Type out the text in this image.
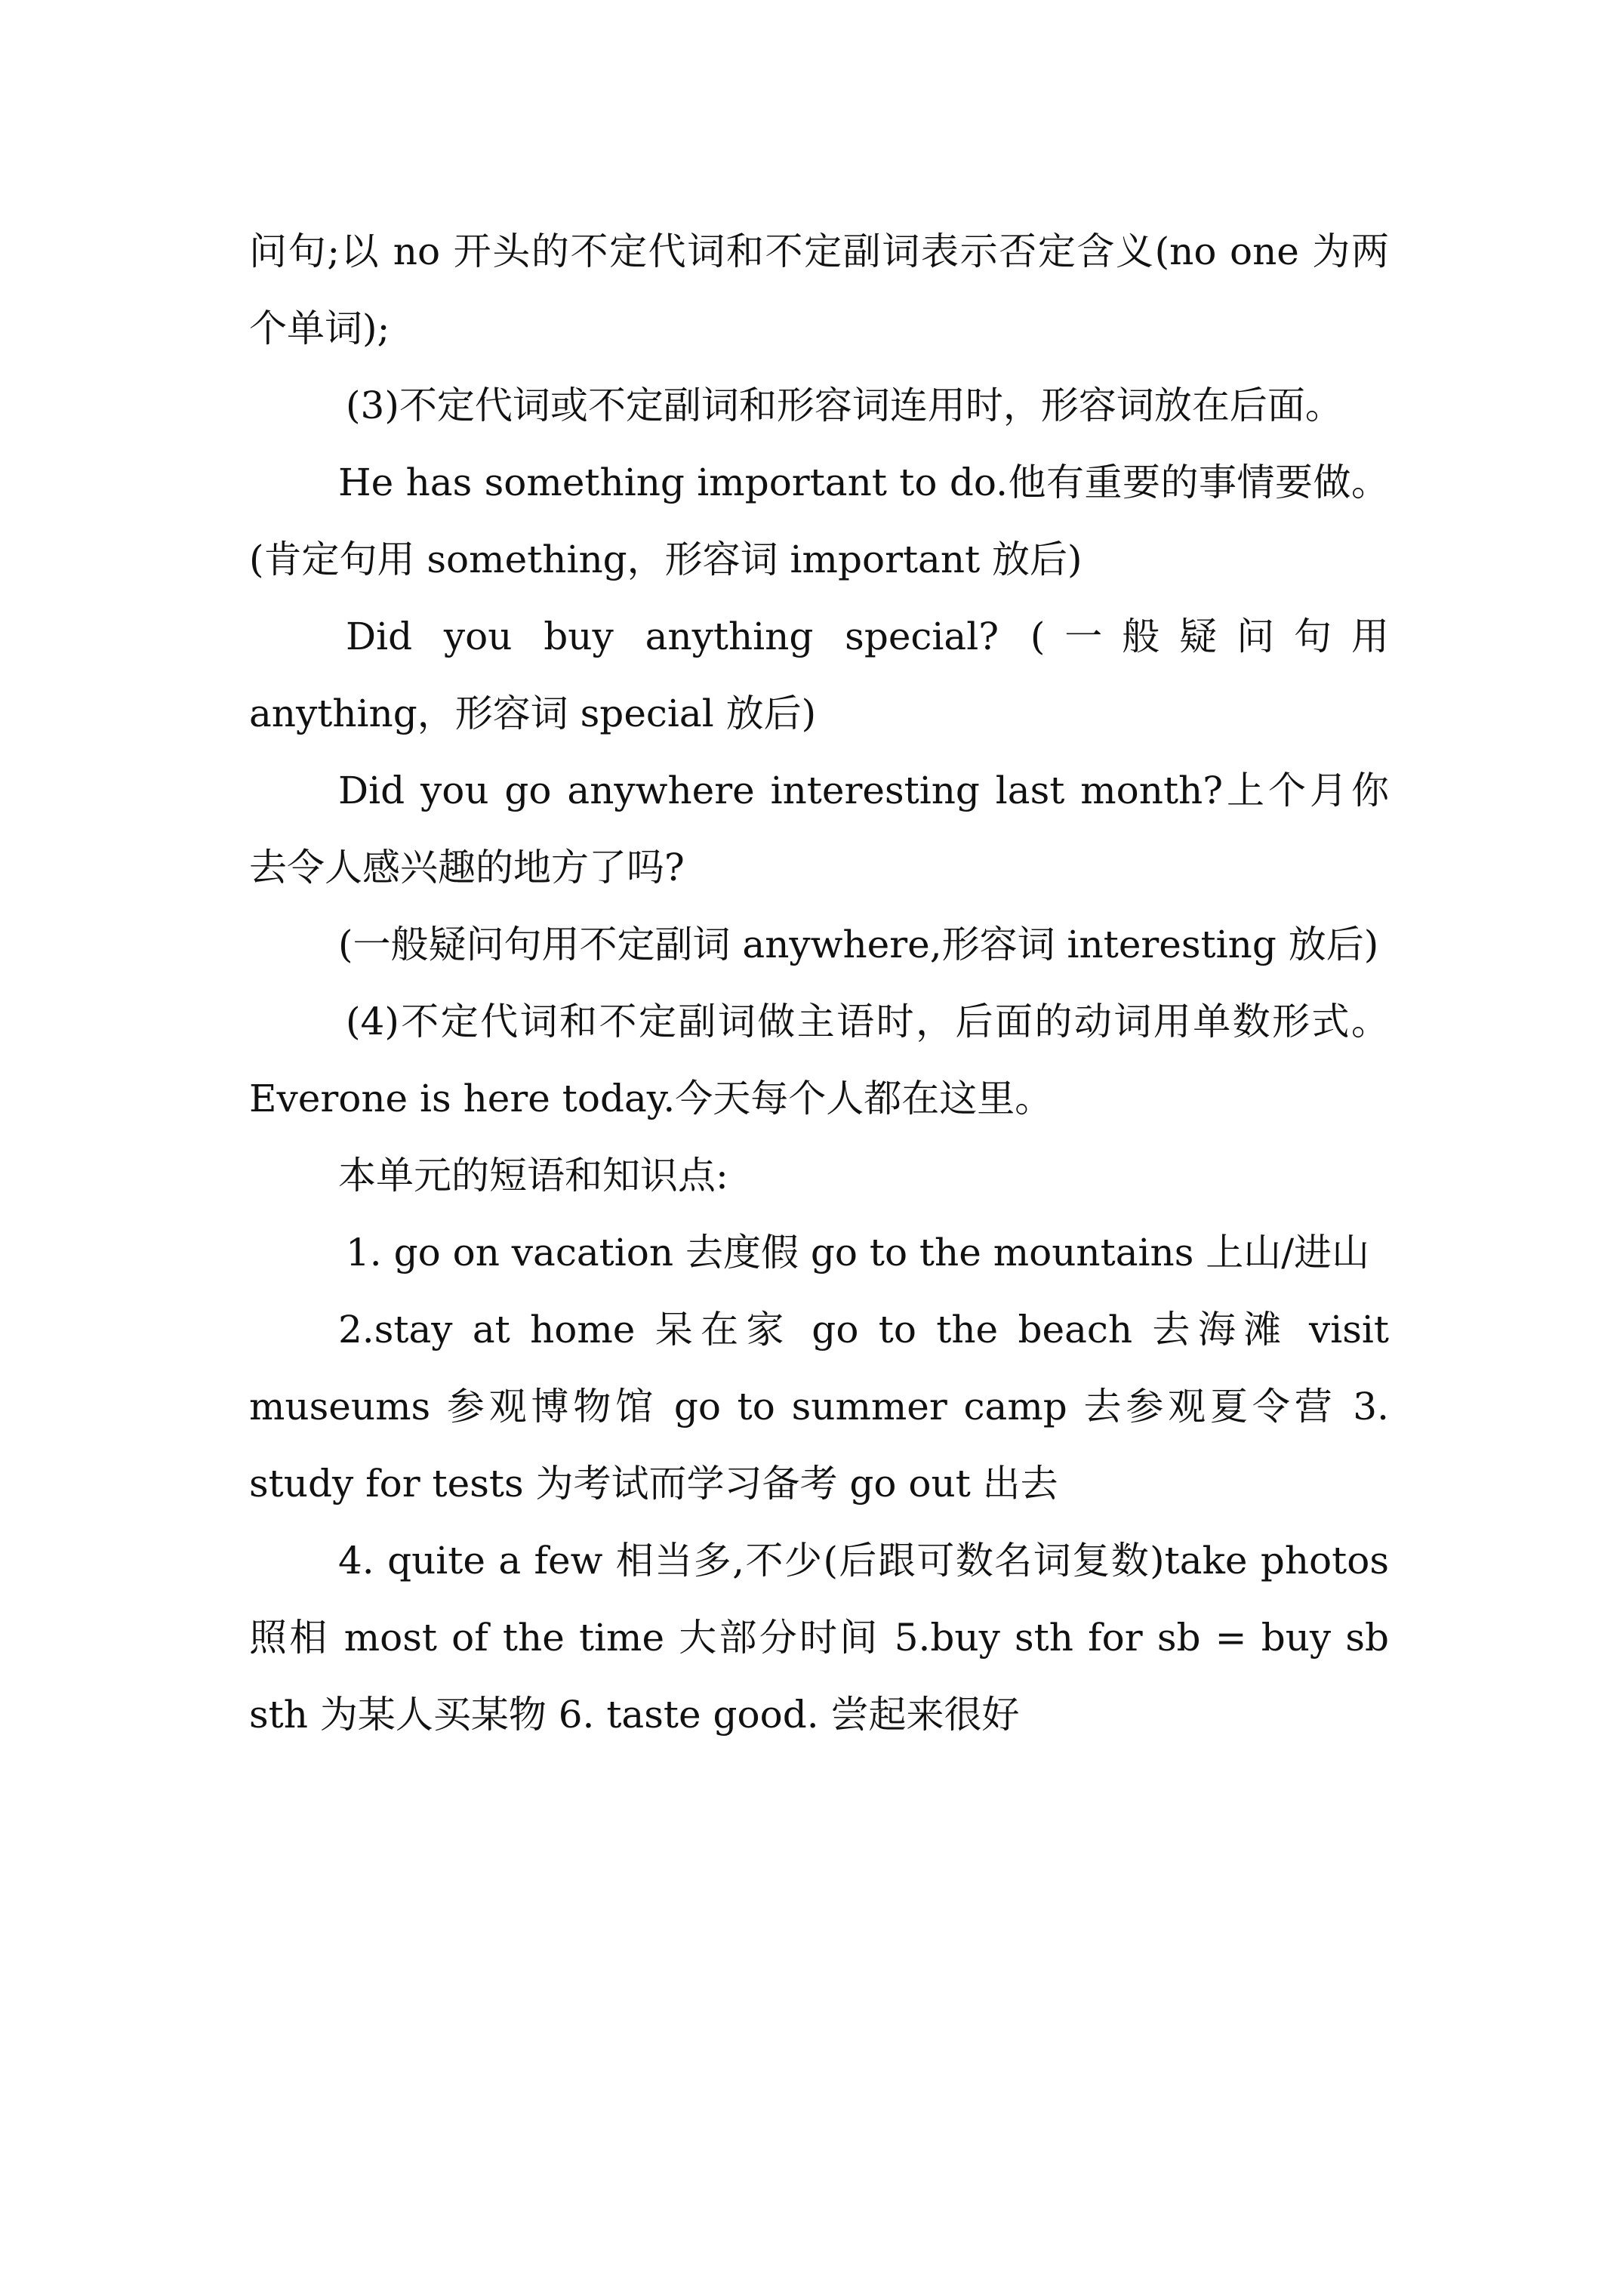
问句;以 no 开头的不定代词和不定副词表示否定含义(no one 为两个单词);

(3)不定代词或不定副词和形容词连用时，形容词放在后面。

He has something important to do.他有重要的事情要做。(肯定句用 something，形容词 important 放后)

Did you buy anything special? (一般疑问句用 anything，形容词 special 放后)

Did you go anywhere interesting last month?上个月你去令人感兴趣的地方了吗?

(一般疑问句用不定副词 anywhere,形容词 interesting 放后)

(4)不定代词和不定副词做主语时，后面的动词用单数形式。Everone is here today.今天每个人都在这里。

本单元的短语和知识点:

1. go on vacation 去度假 go to the mountains 上山/进山

2.stay at home 呆在家 go to the beach 去海滩 visit museums 参观博物馆 go to summer camp 去参观夏令营 3. study for tests 为考试而学习备考 go out 出去

4. quite a few 相当多,不少(后跟可数名词复数)take photos 照相 most of the time 大部分时间 5.buy sth for sb = buy sb sth 为某人买某物 6. taste good. 尝起来很好
